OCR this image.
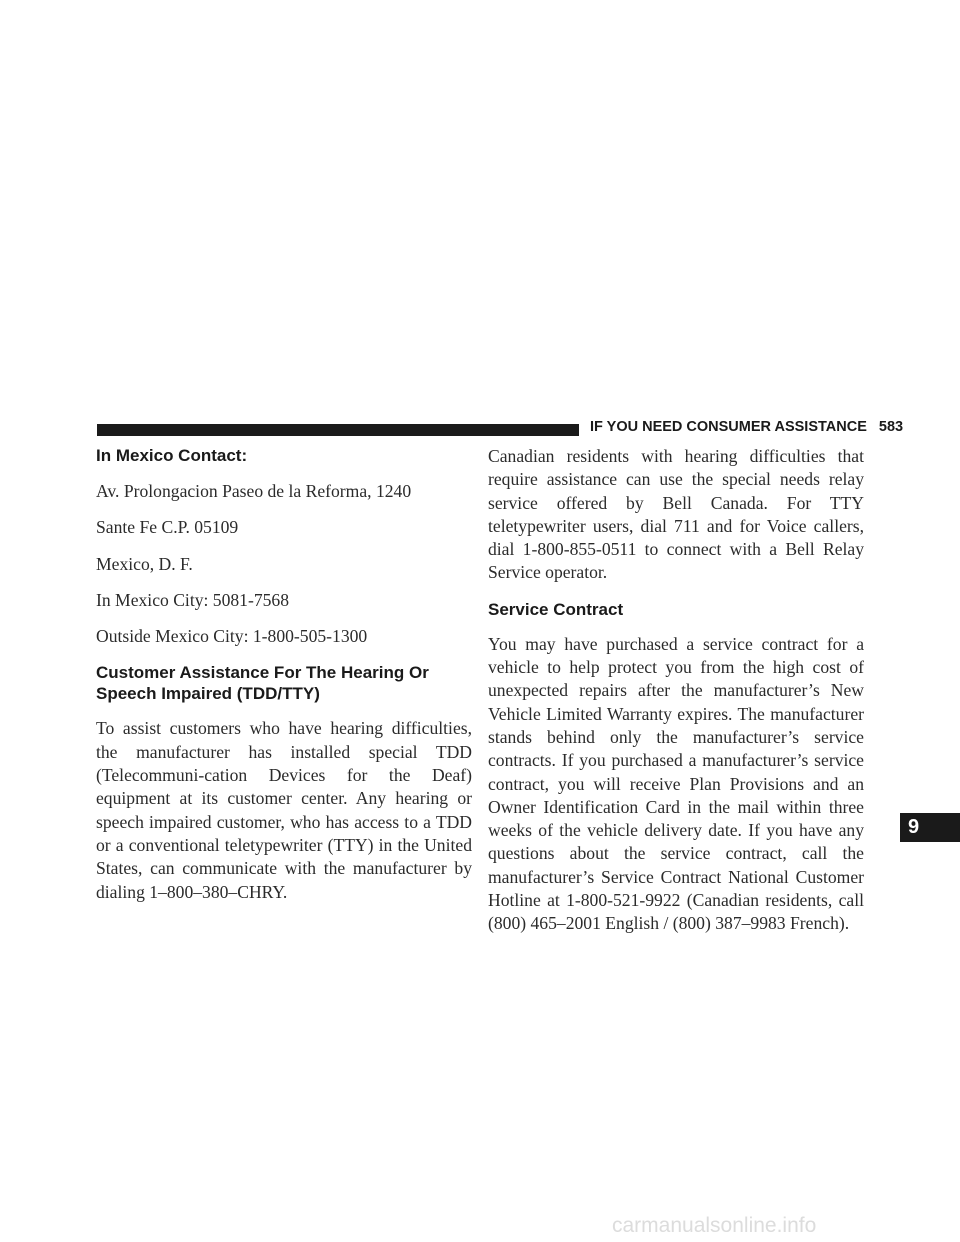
IF YOU NEED CONSUMER ASSISTANCE 583
In Mexico Contact:

Av. Prolongacion Paseo de la Reforma, 1240

Sante Fe C.P. 05109

Mexico, D. F.

In Mexico City: 5081-7568

Outside Mexico City: 1-800-505-1300

Customer Assistance For The Hearing Or Speech Impaired (TDD/TTY)

To assist customers who have hearing difficulties, the manufacturer has installed special TDD (Telecommuni-cation Devices for the Deaf) equipment at its customer center. Any hearing or speech impaired customer, who has access to a TDD or a conventional teletypewriter (TTY) in the United States, can communicate with the manufacturer by dialing 1–800–380–CHRY.

Canadian residents with hearing difficulties that require assistance can use the special needs relay service offered by Bell Canada. For TTY teletypewriter users, dial 711 and for Voice callers, dial 1-800-855-0511 to connect with a Bell Relay Service operator.

Service Contract

You may have purchased a service contract for a vehicle to help protect you from the high cost of unexpected repairs after the manufacturer’s New Vehicle Limited Warranty expires. The manufacturer stands behind only the manufacturer’s service contracts. If you purchased a manufacturer’s service contract, you will receive Plan Provisions and an Owner Identification Card in the mail within three weeks of the vehicle delivery date. If you have any questions about the service contract, call the manufacturer’s Service Contract National Customer Hotline at 1-800-521-9922 (Canadian residents, call (800) 465–2001 English / (800) 387–9983 French).

9
carmanualsonline.info
